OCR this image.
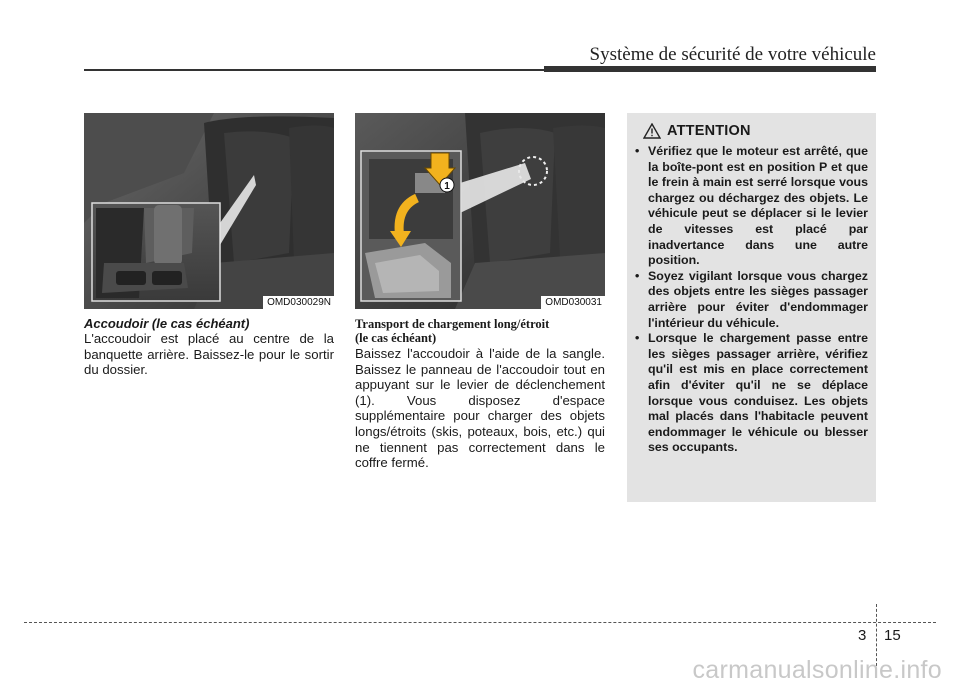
Système de sécurité de votre véhicule
OMD030029N
1
OMD030031
Accoudoir (le cas échéant)
L'accoudoir est placé au centre de la banquette arrière. Baissez-le pour le sortir du dossier.
Transport de chargement long/étroit
(le cas échéant)
Baissez l'accoudoir à l'aide de la sangle. Baissez le panneau de l'accoudoir tout en appuyant sur le levier de déclenchement (1). Vous disposez d'espace supplémentaire pour charger des objets longs/étroits (skis, poteaux, bois, etc.) qui ne tiennent pas correctement dans le coffre fermé.
ATTENTION
• Vérifiez que le moteur est arrêté, que la boîte-pont est en position P et que le frein à main est serré lorsque vous chargez ou déchargez des objets. Le véhicule peut se déplacer si le levier de vitesses est placé par inadvertance dans une autre position.
• Soyez vigilant lorsque vous chargez des objets entre les sièges passager arrière pour éviter d'endommager l'intérieur du véhicule.
• Lorsque le chargement passe entre les sièges passager arrière, vérifiez qu'il est mis en place correctement afin d'éviter qu'il ne se déplace lorsque vous conduisez. Les objets mal placés dans l'habitacle peuvent endommager le véhicule ou blesser ses occupants.
3 15
carmanualsonline.info
